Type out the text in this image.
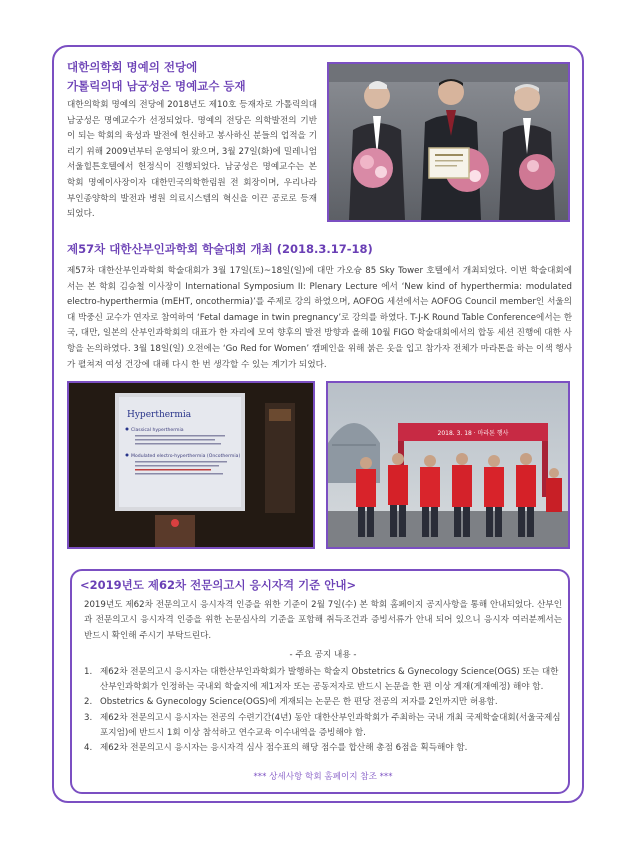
대한의학회 명예의 전당에
가톨릭의대 남궁성은 명예교수 등재
대한의학회 명예의 전당에 2018년도 제10호 등재자로 가톨릭의대 남궁성은 명예교수가 선정되었다. 명예의 전당은 의학발전의 기반이 되는 학회의 육성과 발전에 헌신하고 봉사하신 분들의 업적을 기리기 위해 2009년부터 운영되어 왔으며, 3월 27일(화)에 밀레니엄 서울힐튼호텔에서 헌정식이 진행되었다. 남궁성은 명예교수는 본 학회 명예이사장이자 대한민국의학한림원 전 회장이며, 우리나라 부인종양학의 발전과 병원 의료시스템의 혁신을 이끈 공로로 등재되었다.
제57차 대한산부인과학회 학술대회 개최 (2018.3.17-18)
제57차 대한산부인과학회 학술대회가 3월 17일(토)~18일(일)에 대만 가오슝 85 Sky Tower 호텔에서 개최되었다. 이번 학술대회에서는 본 학회 김승철 이사장이 International Symposium II: Plenary Lecture 에서 ‘New kind of hyperthermia: modulated electro-hyperthermia (mEHT, oncothermia)’를 주제로 강의 하였으며, AOFOG 세션에서는 AOFOG Council member인 서울의대 박중신 교수가 연자로 참여하여 ‘Fetal damage in twin pregnancy’로 강의를 하였다. T-J-K Round Table Conference에서는 한국, 대만, 일본의 산부인과학회의 대표가 한 자리에 모여 향후의 발전 방향과 올해 10월 FIGO 학술대회에서의 합동 세션 진행에 대한 사항을 논의하였다. 3월 18일(일) 오전에는 ‘Go Red for Women’ 캠페인을 위해 붉은 옷을 입고 참가자 전체가 마라톤을 하는 이색 행사가 펼쳐져 여성 건강에 대해 다시 한 번 생각할 수 있는 계기가 되었다.
Hyperthermia
Classical hyperthermia
Modulated electro-hyperthermia (Oncothermia)
2018. 3. 18 · 마라톤 행사
<2019년도 제62차 전문의고시 응시자격 기준 안내>
2019년도 제62차 전문의고시 응시자격 인증을 위한 기준이 2월 7일(수) 본 학회 홈페이지 공지사항을 통해 안내되었다. 산부인과 전문의고시 응시자격 인증을 위한 논문심사의 기준을 포함해 취득조건과 증빙서류가 안내 되어 있으니 응시자 여러분께서는 반드시 확인해 주시기 부탁드린다.
- 주요 공지 내용 -
1. 제62차 전문의고시 응시자는 대한산부인과학회가 발행하는 학술지 Obstetrics & Gynecology Science(OGS) 또는 대한산부인과학회가 인정하는 국내외 학술지에 제1저자 또는 공동저자로 반드시 논문을 한 편 이상 게재(게재예정) 해야 함.
2. Obstetrics & Gynecology Science(OGS)에 게재되는 논문은 한 편당 전공의 저자를 2인까지만 허용함.
3. 제62차 전문의고시 응시자는 전공의 수련기간(4년) 동안 대한산부인과학회가 주최하는 국내 개최 국제학술대회(서울국제심포지엄)에 반드시 1회 이상 참석하고 연수교육 이수내역을 증빙해야 함.
4. 제62차 전문의고시 응시자는 응시자격 심사 점수표의 해당 점수를 합산해 총점 6점을 획득해야 함.
*** 상세사항 학회 홈페이지 참조 ***
